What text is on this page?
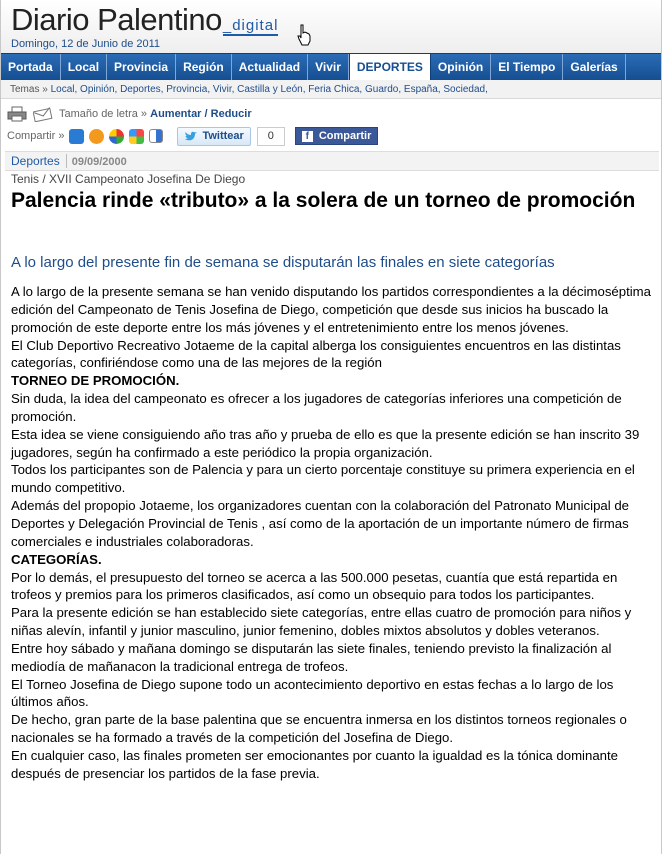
Diario Palentino_digital
Domingo, 12 de Junio de 2011
Portada	Local	Provincia	Región	Actualidad	Vivir	DEPORTES	Opinión	El Tiempo	Galerías
Temas » Local, Opinión, Deportes, Provincia, Vivir, Castilla y León, Feria Chica, Guardo, España, Sociedad,
Tamaño de letra »
Aumentar
/
Reducir
Compartir »	Twittear	0	f Compartir
Deportes 09/09/2000
Tenis / XVII Campeonato Josefina De Diego
Palencia rinde «tributo» a la solera de un torneo de promoción
A lo largo del presente fin de semana se disputarán las finales en siete categorías

A lo largo de la presente semana se han venido disputando los partidos correspondientes a la décimoséptima edición del Campeonato de Tenis Josefina de Diego, competición que desde sus inicios ha buscado la promoción de este deporte entre los más jóvenes y el entretenimiento entre los menos jóvenes.

El Club Deportivo Recreativo Jotaeme de la capital alberga los consiguientes encuentros en las distintas categorías, confiriéndose como una de las mejores de la región

TORNEO DE PROMOCIÓN.

Sin duda, la idea del campeonato es ofrecer a los jugadores de categorías inferiores una competición de promoción.

Esta idea se viene consiguiendo año tras año y prueba de ello es que la presente edición se han inscrito 39 jugadores, según ha confirmado a este periódico la propia organización.

Todos los participantes son de Palencia y para un cierto porcentaje constituye su primera experiencia en el mundo competitivo.

Además del propopio Jotaeme, los organizadores cuentan con la colaboración del Patronato Municipal de Deportes y Delegación Provincial de Tenis , así como de la aportación de un importante número de firmas comerciales e industriales colaboradoras.

CATEGORÍAS.

Por lo demás, el presupuesto del torneo se acerca a las 500.000 pesetas, cuantía que está repartida en trofeos y premios para los primeros clasificados, así como un obsequio para todos los participantes.

Para la presente edición se han establecido siete categorías, entre ellas cuatro de promoción para niños y niñas alevín, infantil y junior masculino, junior femenino, dobles mixtos absolutos y dobles veteranos.

Entre hoy sábado y mañana domingo se disputarán las siete finales, teniendo previsto la finalización al mediodía de mañanacon la tradicional entrega de trofeos.

El Torneo Josefina de Diego supone todo un acontecimiento deportivo en estas fechas a lo largo de los últimos años.

De hecho, gran parte de la base palentina que se encuentra inmersa en los distintos torneos regionales o nacionales se ha formado a través de la competición del Josefina de Diego.

En cualquier caso, las finales prometen ser emocionantes por cuanto la igualdad es la tónica dominante después de presenciar los partidos de la fase previa.
